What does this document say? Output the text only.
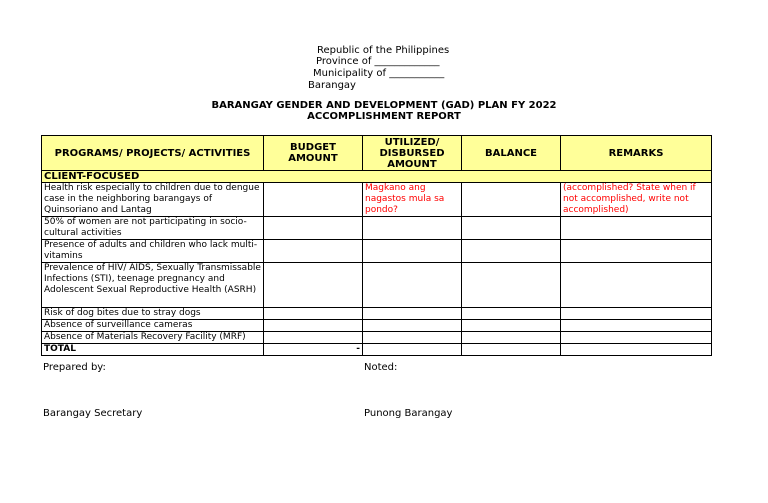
Republic of the Philippines
Province of _____________
Municipality of ___________
Barangay
BARANGAY GENDER AND DEVELOPMENT (GAD) PLAN FY 2022
ACCOMPLISHMENT REPORT
PROGRAMS/ PROJECTS/ ACTIVITIES	BUDGET AMOUNT	UTILIZED/ DISBURSED AMOUNT	BALANCE	REMARKS
CLIENT-FOCUSED				
Health risk especially to children due to dengue case in the neighboring barangays of Quinsoriano and Lantag		Magkano ang nagastos mula sa pondo?		(accomplished? State when if not accomplished, write not accomplished)
50% of women are not participating in socio-cultural activities				
Presence of adults and children who lack multi-vitamins				
Prevalence of HIV/ AIDS, Sexually Transmissable Infections (STI), teenage pregnancy and Adolescent Sexual Reproductive Health (ASRH)				
Risk of dog bites due to stray dogs				
Absence of surveillance cameras				
Absence of Materials Recovery Facility (MRF)				
TOTAL	-			
Prepared by:	Noted:
Barangay Secretary	Punong Barangay
